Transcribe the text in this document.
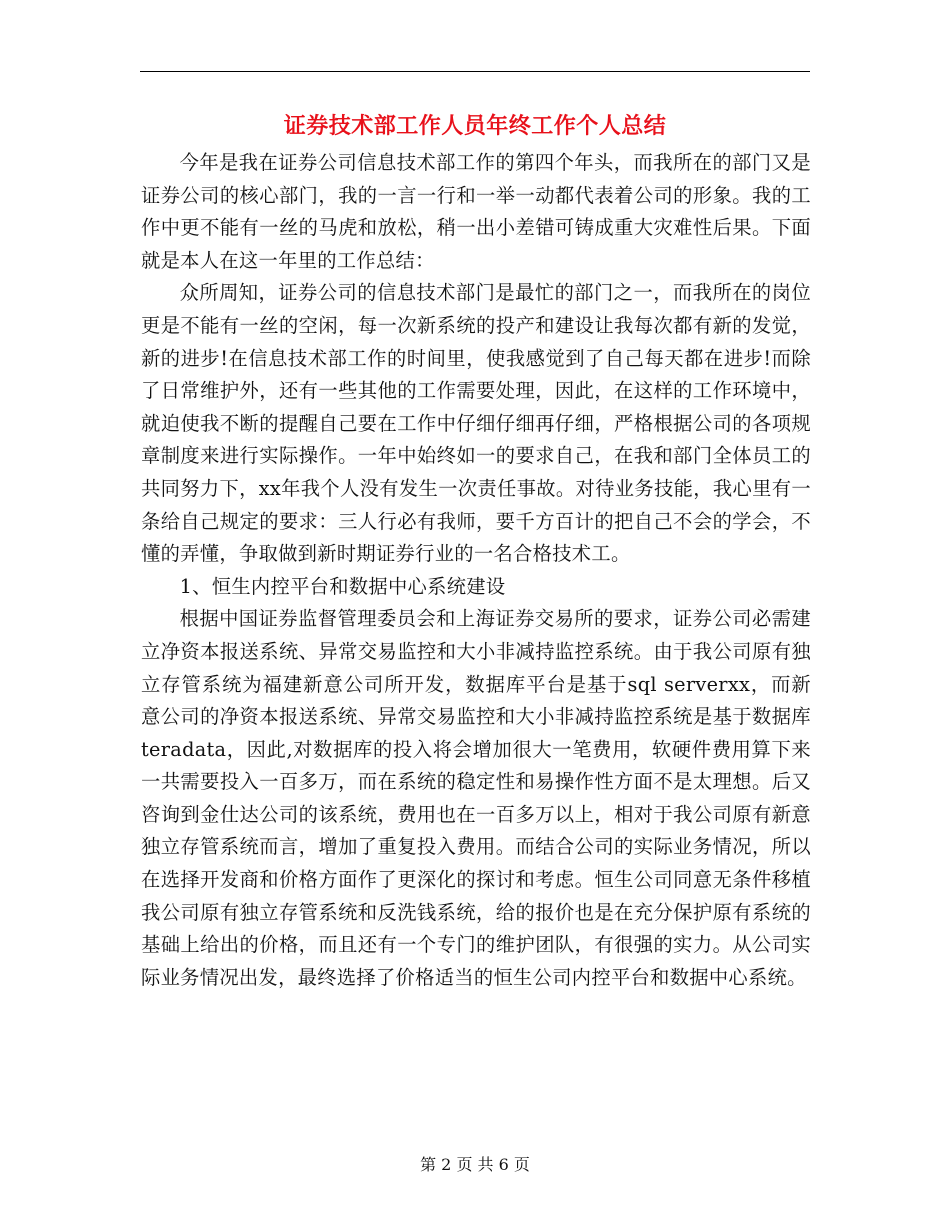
证券技术部工作人员年终工作个人总结

今年是我在证券公司信息技术部工作的第四个年头，而我所在的部门又是证券公司的核心部门，我的一言一行和一举一动都代表着公司的形象。我的工作中更不能有一丝的马虎和放松，稍一出小差错可铸成重大灾难性后果。下面就是本人在这一年里的工作总结：

众所周知，证券公司的信息技术部门是最忙的部门之一，而我所在的岗位更是不能有一丝的空闲，每一次新系统的投产和建设让我每次都有新的发觉，新的进步!在信息技术部工作的时间里，使我感觉到了自己每天都在进步!而除了日常维护外，还有一些其他的工作需要处理，因此，在这样的工作环境中，就迫使我不断的提醒自己要在工作中仔细仔细再仔细，严格根据公司的各项规章制度来进行实际操作。一年中始终如一的要求自己，在我和部门全体员工的共同努力下，xx年我个人没有发生一次责任事故。对待业务技能，我心里有一条给自己规定的要求：三人行必有我师，要千方百计的把自己不会的学会，不懂的弄懂，争取做到新时期证券行业的一名合格技术工。

1、恒生内控平台和数据中心系统建设

根据中国证券监督管理委员会和上海证券交易所的要求，证券公司必需建立净资本报送系统、异常交易监控和大小非减持监控系统。由于我公司原有独立存管系统为福建新意公司所开发，数据库平台是基于sql serverxx，而新意公司的净资本报送系统、异常交易监控和大小非减持监控系统是基于数据库teradata，因此,对数据库的投入将会增加很大一笔费用，软硬件费用算下来一共需要投入一百多万，而在系统的稳定性和易操作性方面不是太理想。后又咨询到金仕达公司的该系统，费用也在一百多万以上，相对于我公司原有新意独立存管系统而言，增加了重复投入费用。而结合公司的实际业务情况，所以在选择开发商和价格方面作了更深化的探讨和考虑。恒生公司同意无条件移植我公司原有独立存管系统和反洗钱系统，给的报价也是在充分保护原有系统的基础上给出的价格，而且还有一个专门的维护团队，有很强的实力。从公司实际业务情况出发，最终选择了价格适当的恒生公司内控平台和数据中心系统。

第 2 页 共 6 页
